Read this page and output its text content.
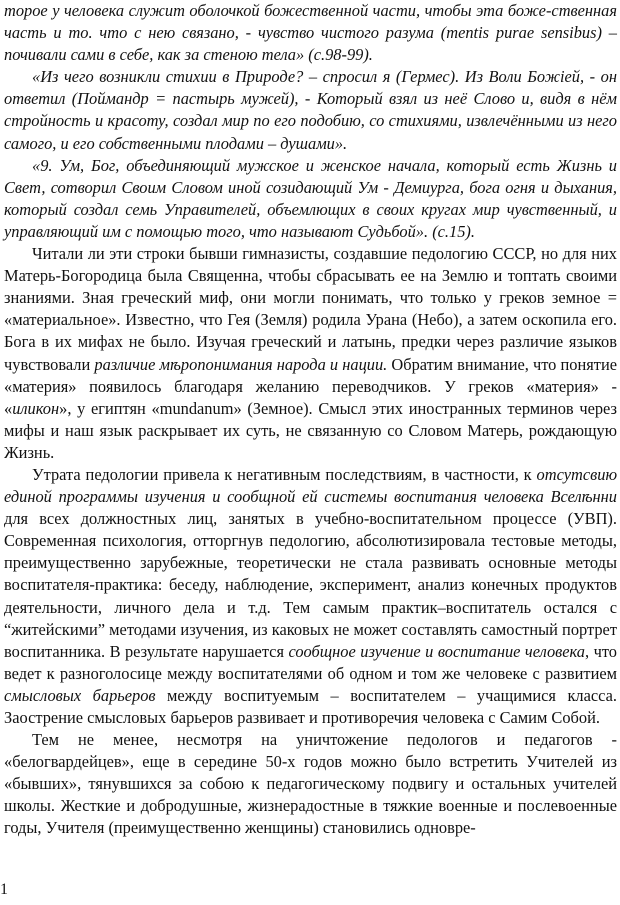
торое у человека служит оболочкой божественной части, чтобы эта боже-ственная часть и то. что с нею связано, - чувство чистого разума (mentis purae sensibus) – почивали сами в себе, как за стеною тела» (с.98-99).

«Из чего возникли стихии в Природе? – спросил я (Гермес). Из Воли Божiей, - он ответил (Поймандр = пастырь мужей), - Который взял из неё Слово и, видя в нём стройность и красоту, создал мир по его подобию, со стихиями, извлечёнными из него самого, и его собственными плодами – душами».

«9. Ум, Бог, объединяющий мужское и женское начала, который есть Жизнь и Свет, сотворил Своим Словом иной созидающий Ум - Демиурга, бога огня и дыхания, который создал семь Управителей, объемлющих в своих кругах мир чувственный, и управляющий им с помощью того, что называют Судьбой». (с.15).

Читали ли эти строки бывши гимназисты, создавшие педологию СССР, но для них Матерь-Богородица была Священна, чтобы сбрасывать ее на Землю и топтать своими знаниями. Зная греческий миф, они могли понимать, что только у греков земное = «материальное». Известно, что Гея (Земля) родила Урана (Небо), а затем оскопила его. Бога в их мифах не было. Изучая греческий и латынь, предки через различие языков чувствовали различие мѣропонимания народа и нации. Обратим внимание, что понятие «материя» появилось благодаря желанию переводчиков. У греков «материя» - «иликон», у египтян «mundanum» (Земное). Смысл этих иностранных терминов через мифы и наш язык раскрывает их суть, не связанную со Словом Матерь, рождающую Жизнь.

Утрата педологии привела к негативным последствиям, в частности, к отсутсвию единой программы изучения и сообщной ей системы воспитания человека Вселѣнни для всех должностных лиц, занятых в учебно-воспитательном процессе (УВП). Современная психология, отторгнув педологию, абсолютизировала тестовые методы, преимущественно зарубежные, теоретически не стала развивать основные методы воспитателя-практика: беседу, наблюдение, эксперимент, анализ конечных продуктов деятельности, личного дела и т.д. Тем самым практик–воспитатель остался с “житейскими” методами изучения, из каковых не может составлять самостный портрет воспитанника. В результате нарушается сообщное изучение и воспитание человека, что ведет к разноголосице между воспитателями об одном и том же человеке с развитием смысловых барьеров между воспитуемым – воспитателем – учащимися класса. Заострение смысловых барьеров развивает и противоречия человека с Самим Собой.

Тем не менее, несмотря на уничтожение педологов и педагогов - «белогвардейцев», еще в середине 50-х годов можно было встретить Учителей из «бывших», тянувшихся за собою к педагогическому подвигу и остальных учителей школы. Жесткие и добродушные, жизнерадостные в тяжкие военные и послевоенные годы, Учителя (преимущественно женщины) становились одновре-

1
